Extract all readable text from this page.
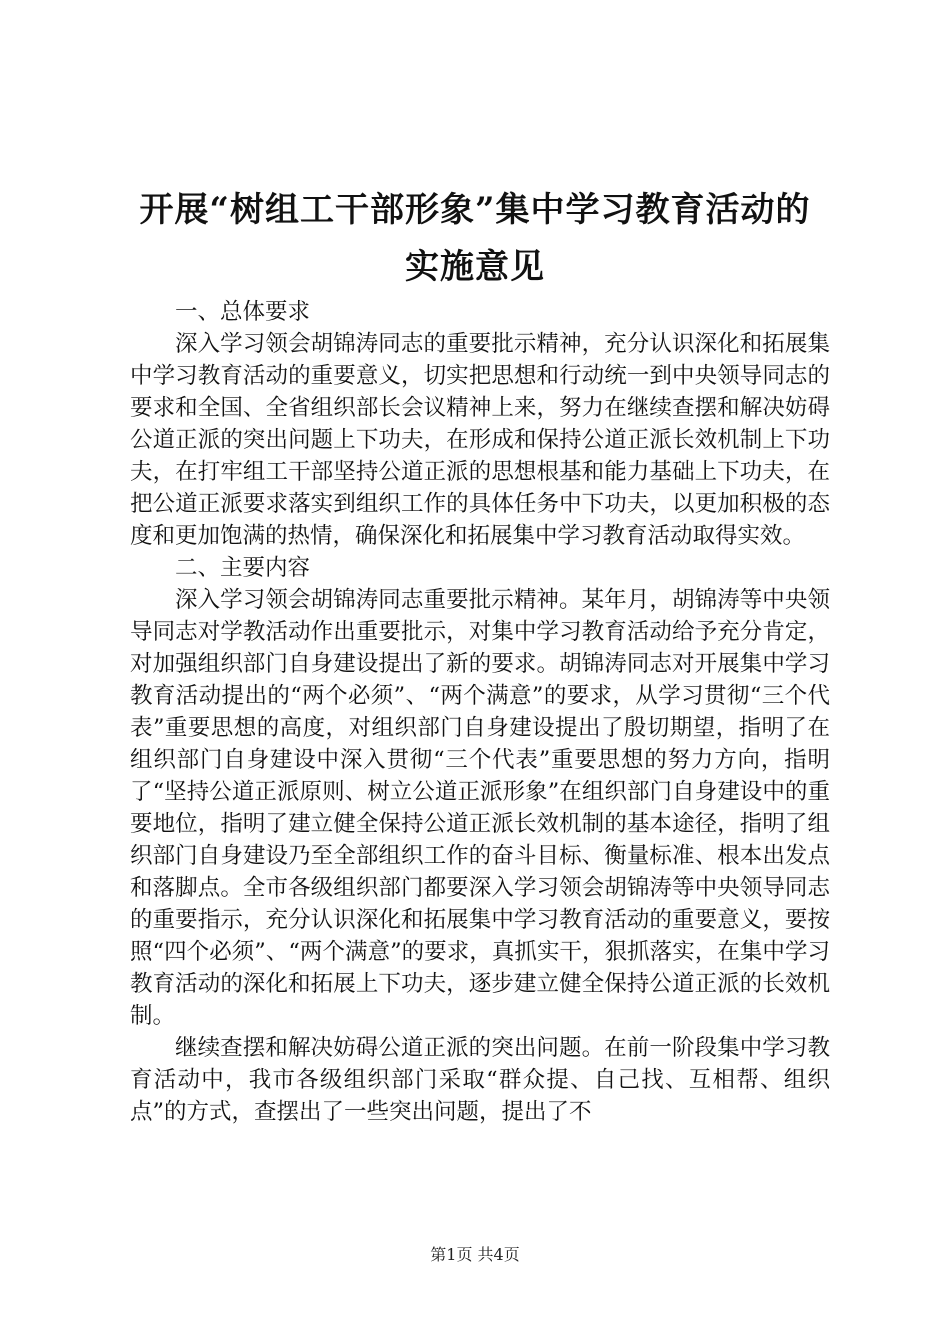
开展“树组工干部形象”集中学习教育活动的
实施意见

一、总体要求

深入学习领会胡锦涛同志的重要批示精神，充分认识深化和拓展集中学习教育活动的重要意义，切实把思想和行动统一到中央领导同志的要求和全国、全省组织部长会议精神上来，努力在继续查摆和解决妨碍公道正派的突出问题上下功夫，在形成和保持公道正派长效机制上下功夫，在打牢组工干部坚持公道正派的思想根基和能力基础上下功夫，在把公道正派要求落实到组织工作的具体任务中下功夫，以更加积极的态度和更加饱满的热情，确保深化和拓展集中学习教育活动取得实效。

二、主要内容

深入学习领会胡锦涛同志重要批示精神。某年月，胡锦涛等中央领导同志对学教活动作出重要批示，对集中学习教育活动给予充分肯定，对加强组织部门自身建设提出了新的要求。胡锦涛同志对开展集中学习教育活动提出的“两个必须”、“两个满意”的要求，从学习贯彻“三个代表”重要思想的高度，对组织部门自身建设提出了殷切期望，指明了在组织部门自身建设中深入贯彻“三个代表”重要思想的努力方向，指明了“坚持公道正派原则、树立公道正派形象”在组织部门自身建设中的重要地位，指明了建立健全保持公道正派长效机制的基本途径，指明了组织部门自身建设乃至全部组织工作的奋斗目标、衡量标准、根本出发点和落脚点。全市各级组织部门都要深入学习领会胡锦涛等中央领导同志的重要指示，充分认识深化和拓展集中学习教育活动的重要意义，要按照“四个必须”、“两个满意”的要求，真抓实干，狠抓落实，在集中学习教育活动的深化和拓展上下功夫，逐步建立健全保持公道正派的长效机制。

继续查摆和解决妨碍公道正派的突出问题。在前一阶段集中学习教育活动中，我市各级组织部门采取“群众提、自己找、互相帮、组织点”的方式，查摆出了一些突出问题，提出了不

第1页 共4页
